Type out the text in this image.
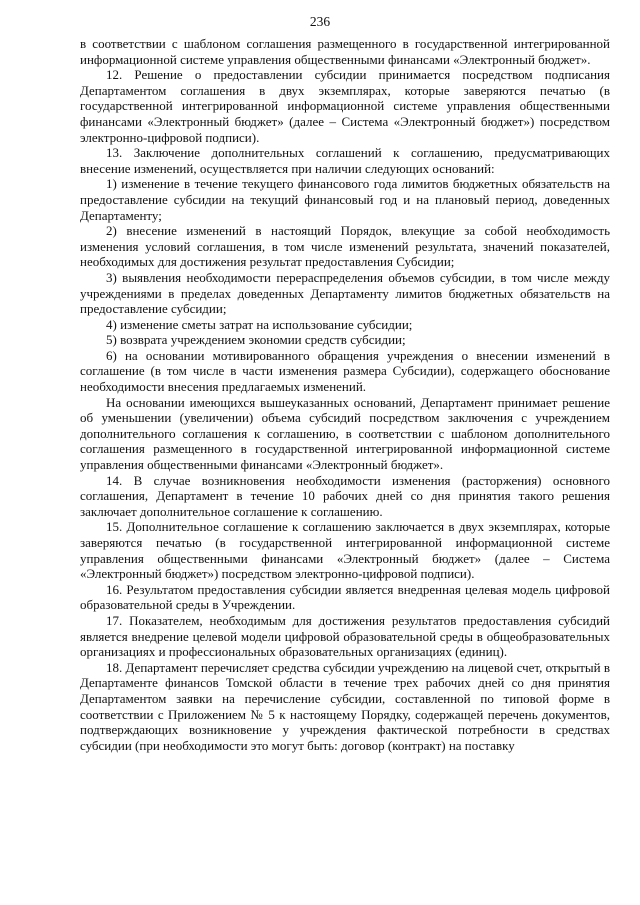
236

в соответствии с шаблоном соглашения размещенного в государственной интегрированной информационной системе управления общественными финансами «Электронный бюджет».

12. Решение о предоставлении субсидии принимается посредством подписания Департаментом соглашения в двух экземплярах, которые заверяются печатью (в государственной интегрированной информационной системе управления общественными финансами «Электронный бюджет» (далее – Система «Электронный бюджет») посредством электронно-цифровой подписи).

13. Заключение дополнительных соглашений к соглашению, предусматривающих внесение изменений, осуществляется при наличии следующих оснований:

1) изменение в течение текущего финансового года лимитов бюджетных обязательств на предоставление субсидии на текущий финансовый год и на плановый период, доведенных Департаменту;

2) внесение изменений в настоящий Порядок, влекущие за собой необходимость изменения условий соглашения, в том числе изменений результата, значений показателей, необходимых для достижения результат предоставления Субсидии;

3) выявления необходимости перераспределения объемов субсидии, в том числе между учреждениями в пределах доведенных Департаменту лимитов бюджетных обязательств на предоставление субсидии;

4) изменение сметы затрат на использование субсидии;

5) возврата учреждением экономии средств субсидии;

6) на основании мотивированного обращения учреждения о внесении изменений в соглашение (в том числе в части изменения размера Субсидии), содержащего обоснование необходимости внесения предлагаемых изменений.

На основании имеющихся вышеуказанных оснований, Департамент принимает решение об уменьшении (увеличении) объема субсидий посредством заключения с учреждением дополнительного соглашения к соглашению, в соответствии с шаблоном дополнительного соглашения размещенного в государственной интегрированной информационной системе управления общественными финансами «Электронный бюджет».

14. В случае возникновения необходимости изменения (расторжения) основного соглашения, Департамент в течение 10 рабочих дней со дня принятия такого решения заключает дополнительное соглашение к соглашению.

15. Дополнительное соглашение к соглашению заключается в двух экземплярах, которые заверяются печатью (в государственной интегрированной информационной системе управления общественными финансами «Электронный бюджет» (далее – Система «Электронный бюджет») посредством электронно-цифровой подписи).

16. Результатом предоставления субсидии является внедренная целевая модель цифровой образовательной среды в Учреждении.

17. Показателем, необходимым для достижения результатов предоставления субсидий является внедрение целевой модели цифровой образовательной среды в общеобразовательных организациях и профессиональных образовательных организациях (единиц).

18. Департамент перечисляет средства субсидии учреждению на лицевой счет, открытый в Департаменте финансов Томской области в течение трех рабочих дней со дня принятия Департаментом заявки на перечисление субсидии, составленной по типовой форме в соответствии с Приложением № 5 к настоящему Порядку, содержащей перечень документов, подтверждающих возникновение у учреждения фактической потребности в средствах субсидии (при необходимости это могут быть: договор (контракт) на поставку
